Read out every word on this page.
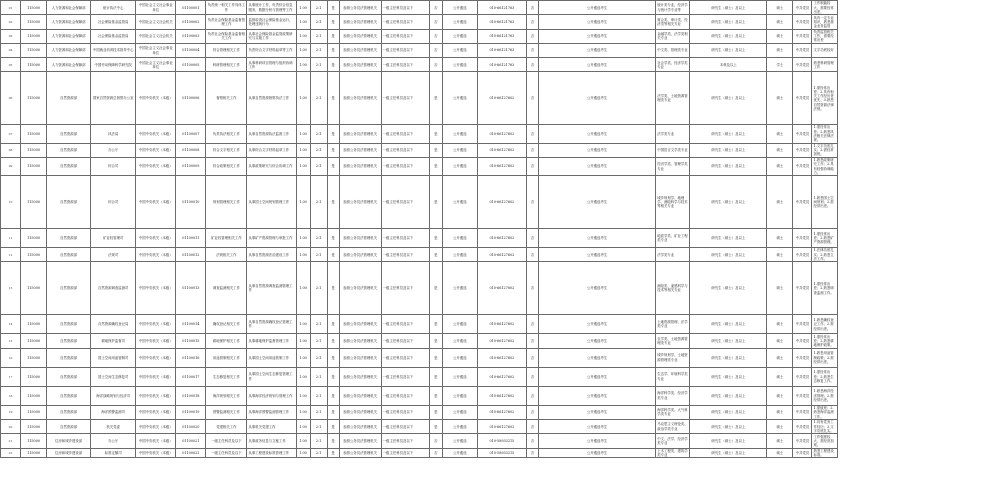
01	115000	人力资源和社会保障部	统计执法中心	中国社会主义社会事业单位	01100001	负责统一相关工作具体工作	从事统计工作，负责综合信息服务，数据分析与管理等工作	1.00	2:1	是	参照公务员法管理机关	一级主任科员及以下	否	公开遴选	010-66121763	否	公开遴选考生	统计类专业，经济学与统计学专业等	研究生（硕士）及以上	硕士	中共党员	工作职能较大，需要经常出差。
02	115000	人力资源和社会保障部	社会保险基金监管局	中国社会主义社会机关	01100002	负责社会保险基金监督管理工作	监督检查社会保险基金运行，处理违规行为	1.00	2:1	是	参照公务员法管理机关	一级主任科员及以下	否	公开遴选	010-66121763	否	公开遴选考生	财会类、审计类、经济类等相关专业	研究生（硕士）及以上	硕士	中共党员	具有一定专业知识，熟悉基金业务监管
03	115000	人力资源和社会保障部	社会保险基金监管局	中国社会主义社会机关	01100003	负责社会保险基金监督相关工作	从事社会保险基金监管政策研究与实施工作	1.00	2:1	是	参照公务员法管理机关	一级主任科员及以下	否	公开遴选	010-66121763	否	公开遴选考生	金融学类、法学类相关专业	研究生（硕士）及以上	硕士	中共党员	负责监管相关工作，需要经常出差
04	115000	人力资源和社会保障部	中国就业培训技术指导中心	中国社会主义社会事业单位	01100004	综合管理相关工作	负责综合文字材料起草等工作	1.00	2:1	是	参照公务员法管理机关	一级主任科员及以下	否	公开遴选	010-66121763	否	公开遴选考生	中文类、管理类专业	研究生（硕士）及以上	硕士	中共党员	文字功底较好
05	115000	人力资源和社会保障部	中国劳动保障科学研究院	中国社会主义社会事业单位	01100005	科研管理相关工作	从事科研项目管理与组织协调工作	1.00	2:1	是	参照公务员法管理机关	一级主任科员及以下	否	公开遴选	010-66121763	否	公开遴选考生	社会学类、经济学类专业	本科及以上	学士	中共党员	熟悉科研管理工作
06	115000	自然资源部	国家自然资源总督察办公室	中国中央机关（本级）	01100006	督察相关工作	从事自然资源督察执法工作	1.00	2:1	是	参照公务员法管理机关	一级主任科员及以下	是	公开遴选	010-66127602	否	公开遴选考生	法学类、土地资源管理类专业	研究生（硕士）及以上	硕士	中共党员	1.需经常出差；2.具有相关工作经历者优先；3.熟悉自然资源法律法规。
07	115000	自然资源部	执法局	中国中央机关（本级）	01100007	负责执法相关工作	从事自然资源执法监督工作	1.00	2:1	是	参照公务员法管理机关	一级主任科员及以下	是	公开遴选	010-66127602	否	公开遴选考生	法学类专业	研究生（硕士）及以上	硕士	中共党员	1.需经常出差；2.熟悉执法相关法律法规。
08	115000	自然资源部	办公厅	中国中央机关（本级）	01100008	综合文字相关工作	从事综合文字材料起草工作	1.00	2:1	是	参照公务员法管理机关	一级主任科员及以下	是	公开遴选	010-66127602	否	公开遴选考生	中国语言文学类专业	研究生（硕士）及以上	硕士	中共党员	1.文字功底扎实；2.需经常加班。
09	115000	自然资源部	综合司	中国中央机关（本级）	01100009	综合政策相关工作	从事政策研究与综合协调工作	1.00	2:1	是	参照公务员法管理机关	一级主任科员及以下	是	公开遴选	010-66127602	否	公开遴选考生	经济学类、管理学类专业	研究生（硕士）及以上	硕士	中共党员	1.熟悉政策研究工作；2.具有较强协调能力。
10	115000	自然资源部	综合司	中国中央机关（本级）	01100010	规划管理相关工作	从事国土空间规划管理工作	1.00	2:1	是	参照公务员法管理机关	一级主任科员及以下	是	公开遴选	010-66127602	否	公开遴选考生	城乡规划学、地理学、测绘科学与技术等相关专业	研究生（硕士）及以上	硕士	中共党员	1.熟悉国土空间规划；2.需经常出差。
11	115000	自然资源部	矿业权管理司	中国中央机关（本级）	01100011	矿业权管理相关工作	从事矿产资源管理与审批工作	1.00	2:1	是	参照公务员法管理机关	一级主任科员及以下	是	公开遴选	010-66127602	否	公开遴选考生	地质学类、矿业工程类专业	研究生（硕士）及以上	硕士	中共党员	1.需经常出差；2.熟悉矿产资源管理。
12	115000	自然资源部	法规司	中国中央机关（本级）	01100012	法规相关工作	从事自然资源法治建设工作	1.00	2:1	是	参照公务员法管理机关	一级主任科员及以下	是	公开遴选	010-66127602	否	公开遴选考生	法学类专业	研究生（硕士）及以上	硕士	中共党员	1.法律功底扎实；2.熟悉立法工作。
13	115000	自然资源部	自然资源调查监测司	中国中央机关（本级）	01100013	调查监测相关工作	从事自然资源调查监测管理工作	1.00	2:1	是	参照公务员法管理机关	一级主任科员及以下	是	公开遴选	010-66127602	否	公开遴选考生	测绘类、遥感科学与技术等相关专业	研究生（硕士）及以上	硕士	中共党员	1.需经常出差；2.熟悉调查监测工作。
14	115000	自然资源部	自然资源确权登记局	中国中央机关（本级）	01100014	确权登记相关工作	从事自然资源确权登记管理工作	1.00	2:1	是	参照公务员法管理机关	一级主任科员及以下	是	公开遴选	010-66127602	否	公开遴选考生	土地资源管理、法学类专业	研究生（硕士）及以上	硕士	中共党员	1.熟悉确权登记工作；2.需经常出差。
15	115000	自然资源部	耕地保护监督司	中国中央机关（本级）	01100015	耕地保护相关工作	从事耕地保护监督管理工作	1.00	2:1	是	参照公务员法管理机关	一级主任科员及以下	是	公开遴选	010-66127602	否	公开遴选考生	农学类、土地资源管理类专业	研究生（硕士）及以上	硕士	中共党员	1.需经常出差；2.熟悉耕地保护政策。
16	115000	自然资源部	国土空间用途管制司	中国中央机关（本级）	01100016	用途管制相关工作	从事国土空间用途管制工作	1.00	2:1	是	参照公务员法管理机关	一级主任科员及以下	是	公开遴选	010-66127602	否	公开遴选考生	城乡规划学、土地资源管理类专业	研究生（硕士）及以上	硕士	中共党员	1.熟悉用途管制政策；2.需经常出差。
17	115000	自然资源部	国土空间生态修复司	中国中央机关（本级）	01100017	生态修复相关工作	从事国土空间生态修复管理工作	1.00	2:1	是	参照公务员法管理机关	一级主任科员及以下	是	公开遴选	010-66127602	否	公开遴选考生	生态学、环境科学类专业	研究生（硕士）及以上	硕士	中共党员	1.需经常出差；2.熟悉生态修复工作。
18	115000	自然资源部	海洋战略规划与经济司	中国中央机关（本级）	01100018	海洋规划相关工作	从事海洋经济规划与管理工作	1.00	2:1	是	参照公务员法管理机关	一级主任科员及以下	是	公开遴选	010-66127602	否	公开遴选考生	海洋科学类、经济学类专业	研究生（硕士）及以上	硕士	中共党员	1.熟悉海洋经济管理；2.需经常出差。
19	115000	自然资源部	海洋预警监测司	中国中央机关（本级）	01100019	预警监测相关工作	从事海洋预警监测管理工作	1.00	2:1	是	参照公务员法管理机关	一级主任科员及以下	是	公开遴选	010-66127602	否	公开遴选考生	海洋科学类、大气科学类专业	研究生（硕士）及以上	硕士	中共党员	1.需值班；2.熟悉海洋监测工作。
20	115000	自然资源部	机关党委	中国中央机关（本级）	01100020	党建相关工作	从事机关党建工作	1.00	2:1	是	参照公务员法管理机关	一级主任科员及以下	是	公开遴选	010-66127602	否	公开遴选考生	马克思主义理论类、政治学类专业	研究生（硕士）及以上	硕士	中共党员	1.具有党务工作经历；2.文字功底扎实。
21	115000	住房和城乡建设部	办公厅	中国中央机关（本级）	01100021	一级主任科员及以下	从事政务信息与文秘工作	1.00	2:1	是	参照公务员法管理机关	一级主任科员及以下	否	公开遴选	010-58933215	否	公开遴选考生	中文、法学、经济学类专业	研究生（硕士）及以上	硕士	中共党员	工作强度较大，需经常加班。
22	115000	住房和城乡建设部	标准定额司	中国中央机关（本级）	01100022	一级主任科员及以下	从事工程建设标准管理工作	1.00	2:1	是	参照公务员法管理机关	一级主任科员及以下	否	公开遴选	010-58933215	否	公开遴选考生	土木工程类、建筑学类专业	研究生（硕士）及以上	硕士	中共党员	熟悉工程建设标准。
